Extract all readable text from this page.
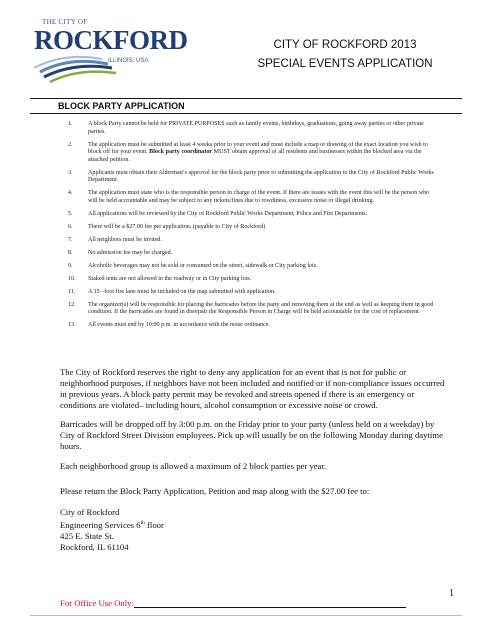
THE CITY OF
ROCKFORD
ILLINOIS, USA
CITY OF ROCKFORD 2013
SPECIAL EVENTS APPLICATION
BLOCK PARTY APPLICATION
1.	A block Party cannot be held for PRIVATE PURPOSES such as family events, birthdays, graduations, going away parties or other private parties.
2.	The application must be submitted at least 4 weeks prior to your event and must include a map or drawing of the exact location you wish to block off for your event. Block party coordinator MUST obtain approval of all residents and businesses within the blocked area via the attached petition.
3.	Applicants must obtain their Alderman’s approval for the block party prior to submitting the application to the City of Rockford Public Works Department.
4.	The application must state who is the responsible person in charge of the event. If there are issues with the event this will be the person who will be held accountable and may be subject to any tickets/fines due to rowdiness, excessive noise or illegal drinking.
5.	All applications will be reviewed by the City of Rockford Public Works Department, Police and Fire Departments.
6.	There will be a $27.00 fee per application. (payable to City of Rockford)
7.	All neighbors must be invited.
8.	No admission fee may be charged.
9.	Alcoholic beverages may not be sold or consumed on the street, sidewalk or City parking lots.
10.	Staked tents are not allowed in the roadway or in City parking lots.
11.	A 15 –foot fire lane must be included on the map submitted with application.
12.	The organizer(s) will be responsible for placing the barricades before the party and removing them at the end as well as keeping them in good condition. If the barricades are found in disrepair the Responsible Person in Charge will be held accountable for the cost of replacement.
13.	All events must end by 10:00 p.m. in accordance with the noise ordinance.
The City of Rockford reserves the right to deny any application for an event that is not for public or neighborhood purposes, if neighbors have not been included and notified or if non-compliance issues occurred in previous years. A block party permit may be revoked and streets opened if there is an emergency or conditions are violated– including hours, alcohol consumption or excessive noise or crowd.
Barricades will be dropped off by 3:00 p.m. on the Friday prior to your party (unless held on a weekday) by City of Rockford Street Division employees. Pick up will usually be on the following Monday during daytime hours.
Each neighborhood group is allowed a maximum of 2 block parties per year.
Please return the Block Party Application, Petition and map along with the $27.00 fee to:
City of Rockford
Engineering Services 6th floor
425 E. State St.
Rockford, IL 61104
1
For Office Use Only:
